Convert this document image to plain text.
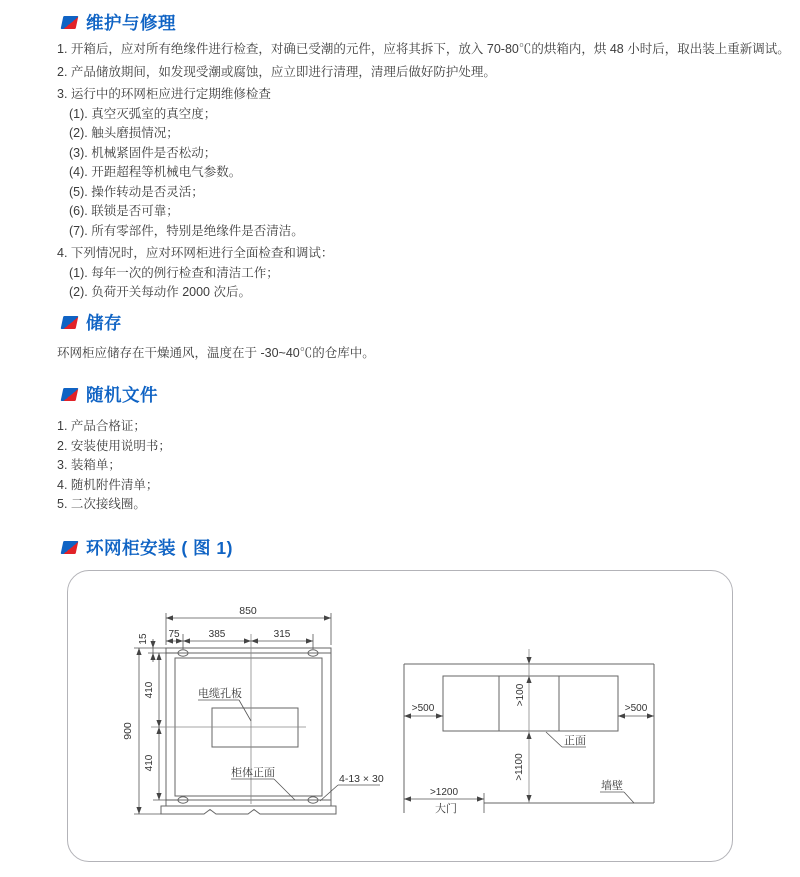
维护与修理
1. 开箱后，应对所有绝缘件进行检查，对确已受潮的元件，应将其拆下，放入 70-80℃的烘箱内，烘 48 小时后，取出装上重新调试。
2. 产品储放期间，如发现受潮或腐蚀，应立即进行清理，清理后做好防护处理。
3. 运行中的环网柜应进行定期维修检查
(1). 真空灭弧室的真空度；
(2). 触头磨损情况；
(3). 机械紧固件是否松动；
(4). 开距超程等机械电气参数。
(5). 操作转动是否灵活；
(6). 联锁是否可靠；
(7). 所有零部件，特别是绝缘件是否清洁。
4. 下列情况时，应对环网柜进行全面检查和调试：
(1). 每年一次的例行检查和清洁工作；
(2). 负荷开关每动作 2000 次后。
储存
环网柜应储存在干燥通风，温度在于 -30~40℃的仓库中。
随机文件
1. 产品合格证；
2. 安装使用说明书；
3. 装箱单；
4. 随机附件清单；
5. 二次接线圈。
环网柜安装 ( 图 1)
850
75	385	315
15
410
410
900
电缆孔板
柜体正面	4-13 × 30
>100
>500	>500
正面
>1100
>1200
大门
墙壁
